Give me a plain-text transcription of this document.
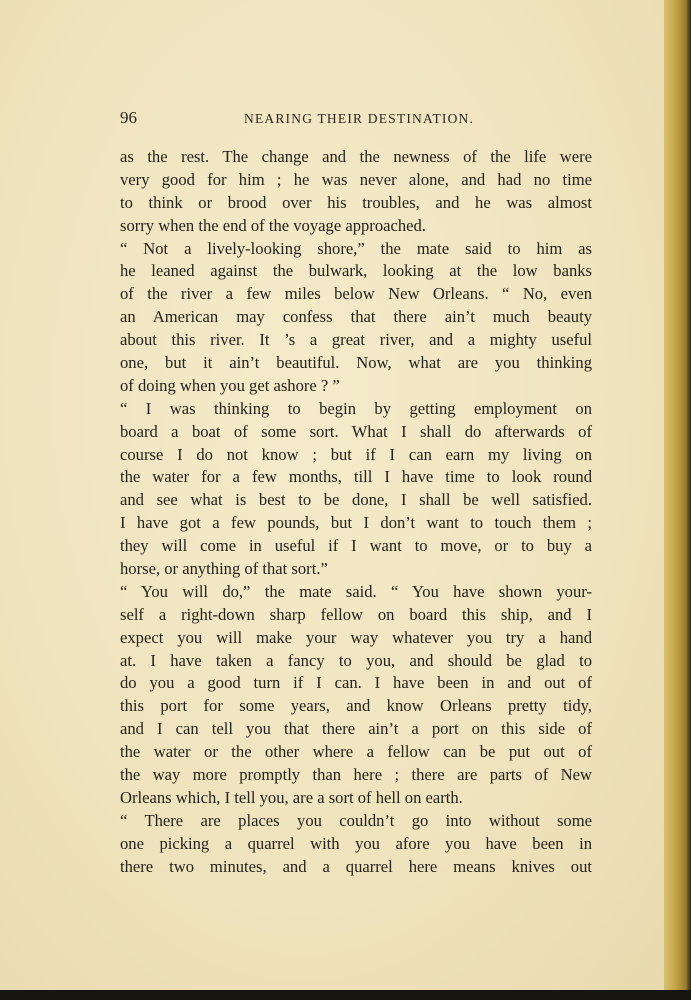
96	NEARING THEIR DESTINATION.
as the rest. The change and the newness of the life were
very good for him ; he was never alone, and had no time
to think or brood over his troubles, and he was almost
sorry when the end of the voyage approached.
“ Not a lively-looking shore,” the mate said to him as
he leaned against the bulwark, looking at the low banks
of the river a few miles below New Orleans. “ No, even
an American may confess that there ain’t much beauty
about this river. It ’s a great river, and a mighty useful
one, but it ain’t beautiful. Now, what are you thinking
of doing when you get ashore ? ”
“ I was thinking to begin by getting employment on
board a boat of some sort. What I shall do afterwards of
course I do not know ; but if I can earn my living on
the water for a few months, till I have time to look round
and see what is best to be done, I shall be well satisfied.
I have got a few pounds, but I don’t want to touch them ;
they will come in useful if I want to move, or to buy a
horse, or anything of that sort.”
“ You will do,” the mate said. “ You have shown your-
self a right-down sharp fellow on board this ship, and I
expect you will make your way whatever you try a hand
at. I have taken a fancy to you, and should be glad to
do you a good turn if I can. I have been in and out of
this port for some years, and know Orleans pretty tidy,
and I can tell you that there ain’t a port on this side of
the water or the other where a fellow can be put out of
the way more promptly than here ; there are parts of New
Orleans which, I tell you, are a sort of hell on earth.
“ There are places you couldn’t go into without some
one picking a quarrel with you afore you have been in
there two minutes, and a quarrel here means knives out
